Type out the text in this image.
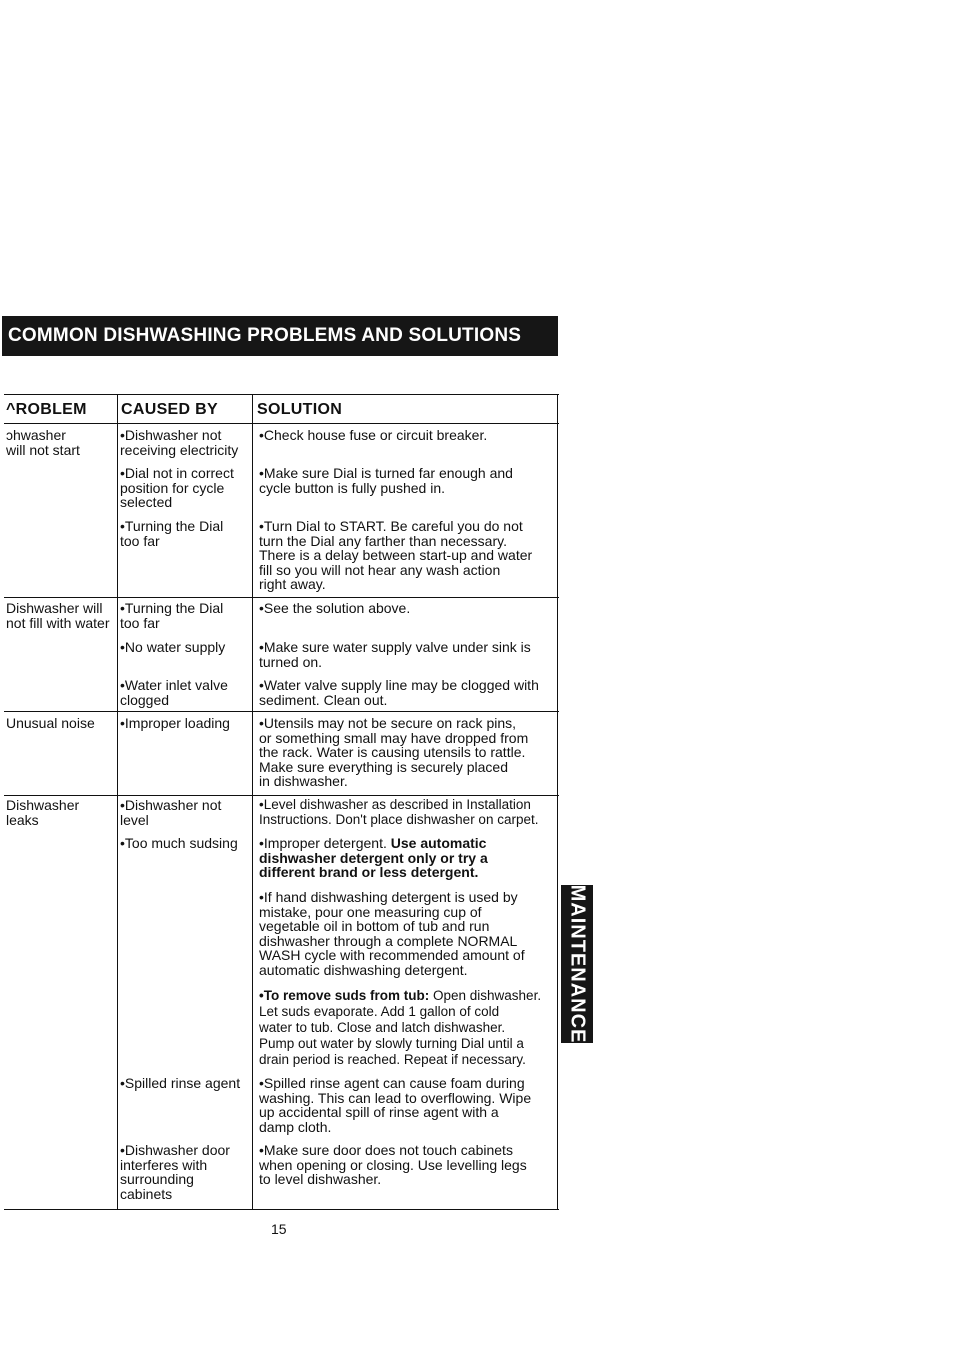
COMMON DISHWASHING PROBLEMS AND SOLUTIONS
^ROBLEM CAUSED BY SOLUTION
ɔhwasher
will not start
•Dishwasher not
receiving electricity
•Check house fuse or circuit breaker.
•Dial not in correct
position for cycle
selected
•Make sure Dial is turned far enough and
cycle button is fully pushed in.
•Turning the Dial
too far
•Turn Dial to START. Be careful you do not
turn the Dial any farther than necessary.
There is a delay between start-up and water
fill so you will not hear any wash action
right away.
Dishwasher will
not fill with water
•Turning the Dial
too far
•See the solution above.
•No water supply •Make sure water supply valve under sink is
turned on.
•Water inlet valve
clogged
•Water valve supply line may be clogged with
sediment. Clean out.
Unusual noise •Improper loading •Utensils may not be secure on rack pins,
or something small may have dropped from
the rack. Water is causing utensils to rattle.
Make sure everything is securely placed
in dishwasher.
Dishwasher
leaks
•Dishwasher not
level
•Level dishwasher as described in Installation
Instructions. Don't place dishwasher on carpet.
•Too much sudsing •Improper detergent. Use automatic
dishwasher detergent only or try a
different brand or less detergent.
•If hand dishwashing detergent is used by
mistake, pour one measuring cup of
vegetable oil in bottom of tub and run
dishwasher through a complete NORMAL
WASH cycle with recommended amount of
automatic dishwashing detergent.
•To remove suds from tub: Open dishwasher.
Let suds evaporate. Add 1 gallon of cold
water to tub. Close and latch dishwasher.
Pump out water by slowly turning Dial until a
drain period is reached. Repeat if necessary.
•Spilled rinse agent •Spilled rinse agent can cause foam during
washing. This can lead to overflowing. Wipe
up accidental spill of rinse agent with a
damp cloth.
•Dishwasher door
interferes with
surrounding
cabinets
•Make sure door does not touch cabinets
when opening or closing. Use levelling legs
to level dishwasher.
MAINTENANCE
15
